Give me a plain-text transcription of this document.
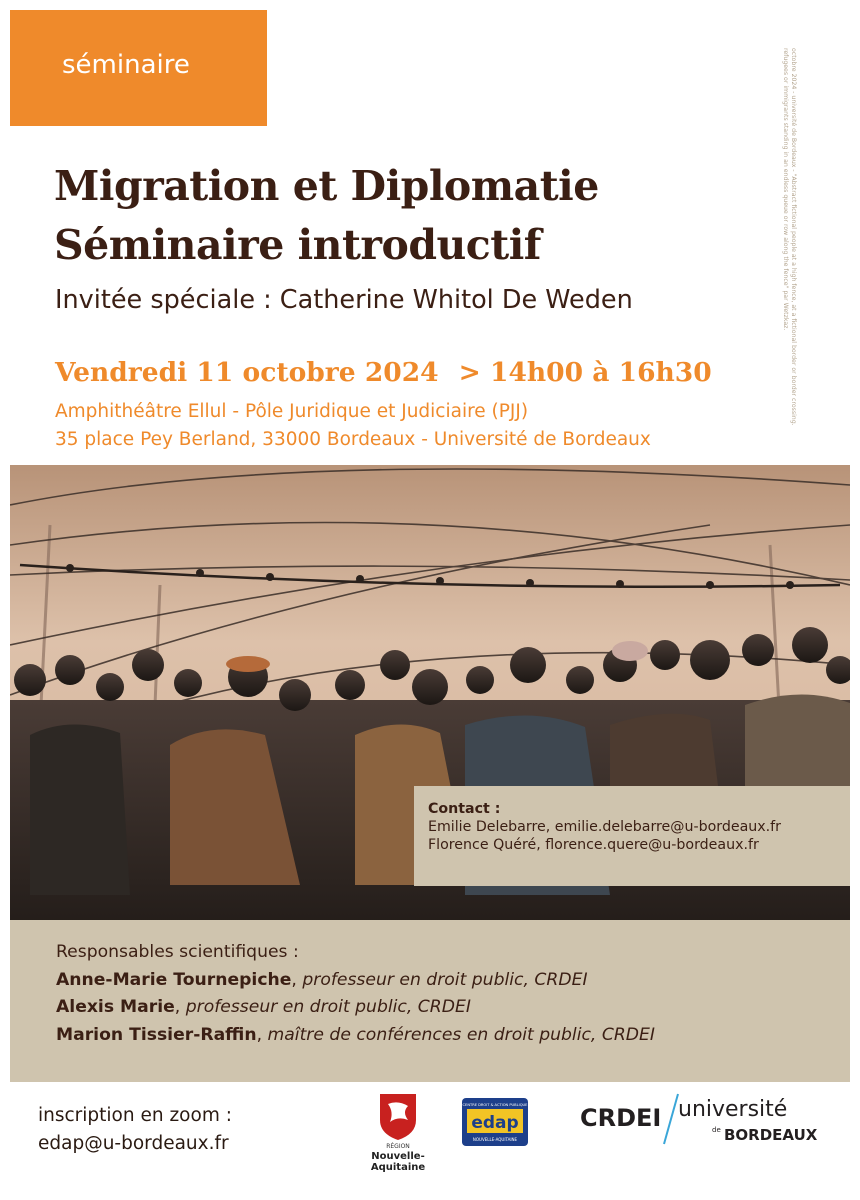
séminaire	octobre 2024 - université de Bordeaux - "Abstract fictional people at a high fence, at a fictional border or border crossing.
refugees or immigrants standing in an endless queue or row along the fence" par Wetzkaz.
Migration et Diplomatie
Séminaire introductif
Invitée spéciale : Catherine Whitol De Weden
Vendredi 11 octobre 2024 > 14h00 à 16h30
Amphithéâtre Ellul - Pôle Juridique et Judiciaire (PJJ)
35 place Pey Berland, 33000 Bordeaux - Université de Bordeaux
Contact :
Emilie Delebarre, emilie.delebarre@u-bordeaux.fr
Florence Quéré, florence.quere@u-bordeaux.fr
Responsables scientifiques :
Anne-Marie Tournepiche, professeur en droit public, CRDEI
Alexis Marie, professeur en droit public, CRDEI
Marion Tissier-Raffin, maître de conférences en droit public, CRDEI
inscription en zoom :
edap@u-bordeaux.fr	RÉGION
Nouvelle-
Aquitaine
CENTRE DROIT & ACTION PUBLIQUE
edap
NOUVELLE-AQUITAINE
CRDEI université
de BORDEAUX
